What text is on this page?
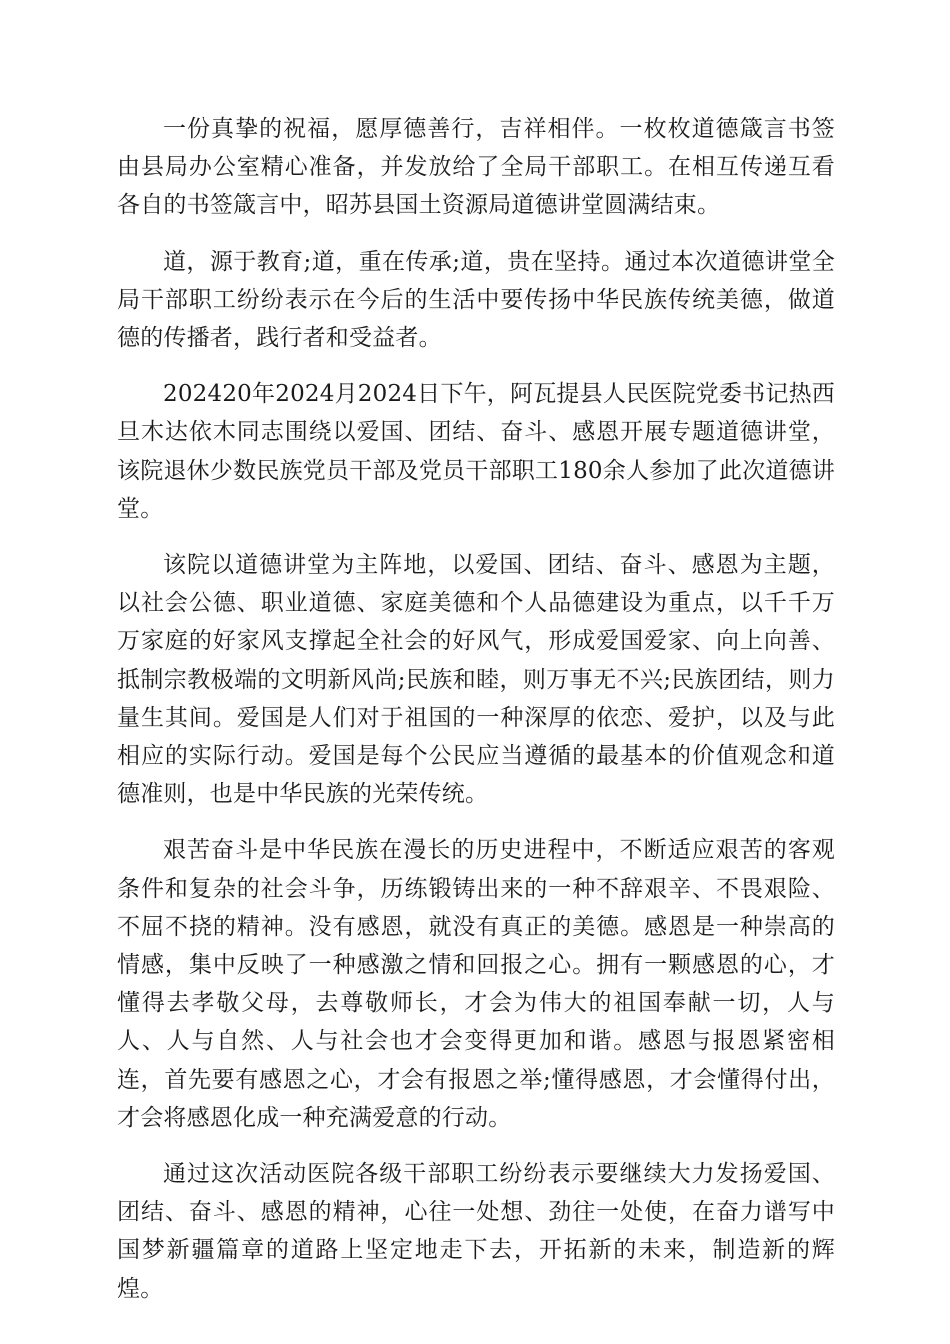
一份真挚的祝福，愿厚德善行，吉祥相伴。一枚枚道德箴言书签由县局办公室精心准备，并发放给了全局干部职工。在相互传递互看各自的书签箴言中，昭苏县国土资源局道德讲堂圆满结束。

道，源于教育;道，重在传承;道，贵在坚持。通过本次道德讲堂全局干部职工纷纷表示在今后的生活中要传扬中华民族传统美德，做道德的传播者，践行者和受益者。

202420年2024月2024日下午，阿瓦提县人民医院党委书记热西旦木达依木同志围绕以爱国、团结、奋斗、感恩开展专题道德讲堂，该院退休少数民族党员干部及党员干部职工180余人参加了此次道德讲堂。

该院以道德讲堂为主阵地，以爱国、团结、奋斗、感恩为主题，以社会公德、职业道德、家庭美德和个人品德建设为重点，以千千万万家庭的好家风支撑起全社会的好风气，形成爱国爱家、向上向善、抵制宗教极端的文明新风尚;民族和睦，则万事无不兴;民族团结，则力量生其间。爱国是人们对于祖国的一种深厚的依恋、爱护，以及与此相应的实际行动。爱国是每个公民应当遵循的最基本的价值观念和道德准则，也是中华民族的光荣传统。

艰苦奋斗是中华民族在漫长的历史进程中，不断适应艰苦的客观条件和复杂的社会斗争，历练锻铸出来的一种不辞艰辛、不畏艰险、不屈不挠的精神。没有感恩，就没有真正的美德。感恩是一种崇高的情感，集中反映了一种感激之情和回报之心。拥有一颗感恩的心，才懂得去孝敬父母，去尊敬师长，才会为伟大的祖国奉献一切，人与人、人与自然、人与社会也才会变得更加和谐。感恩与报恩紧密相连，首先要有感恩之心，才会有报恩之举;懂得感恩，才会懂得付出，才会将感恩化成一种充满爱意的行动。

通过这次活动医院各级干部职工纷纷表示要继续大力发扬爱国、团结、奋斗、感恩的精神，心往一处想、劲往一处使，在奋力谱写中国梦新疆篇章的道路上坚定地走下去，开拓新的未来，制造新的辉煌。
